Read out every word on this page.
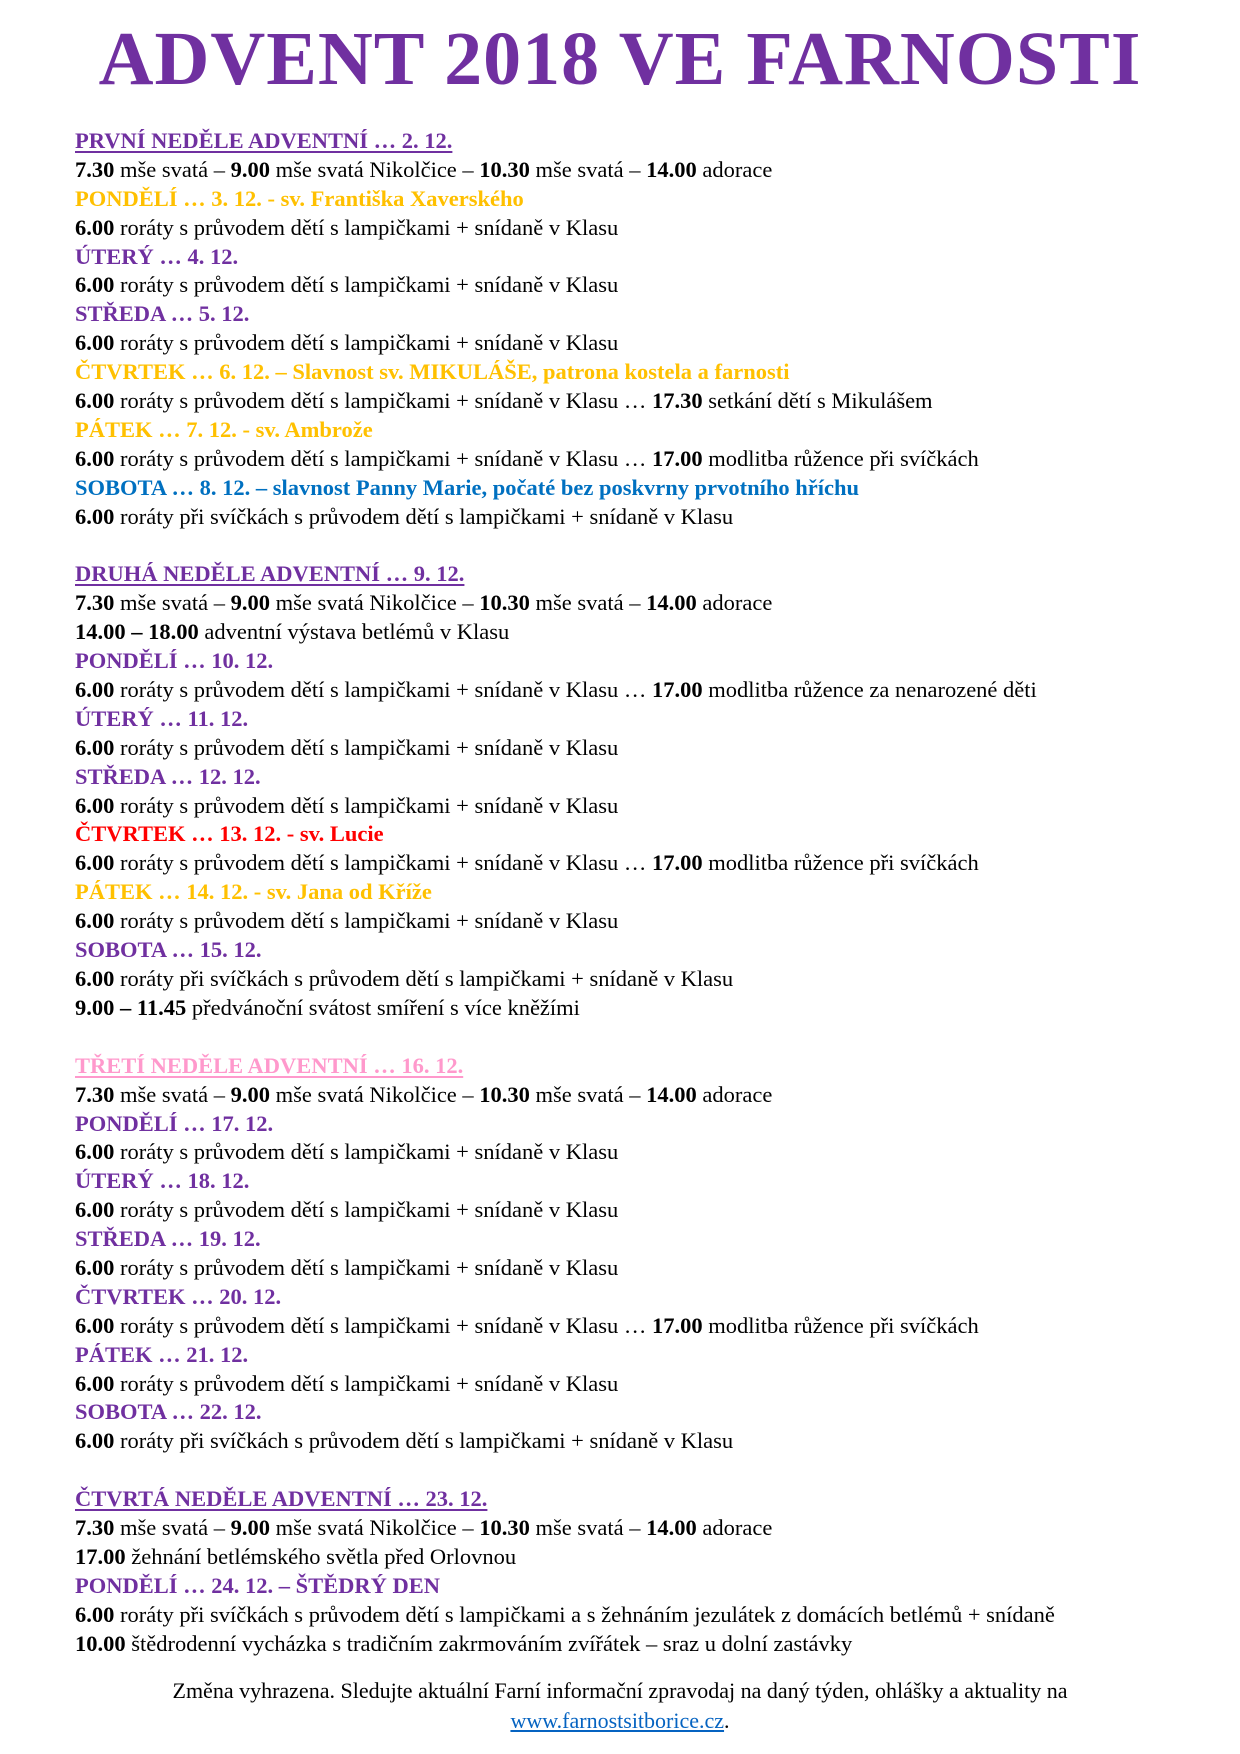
ADVENT 2018 VE FARNOSTI
PRVNÍ NEDĚLE ADVENTNÍ … 2. 12.
7.30 mše svatá – 9.00 mše svatá Nikolčice – 10.30 mše svatá – 14.00 adorace
PONDĚLÍ … 3. 12. - sv. Františka Xaverského
6.00 roráty s průvodem dětí s lampičkami + snídaně v Klasu
ÚTERÝ … 4. 12.
6.00 roráty s průvodem dětí s lampičkami + snídaně v Klasu
STŘEDA … 5. 12.
6.00 roráty s průvodem dětí s lampičkami + snídaně v Klasu
ČTVRTEK … 6. 12. – Slavnost sv. MIKULÁŠE, patrona kostela a farnosti
6.00 roráty s průvodem dětí s lampičkami + snídaně v Klasu … 17.30 setkání dětí s Mikulášem
PÁTEK … 7. 12. - sv. Ambrože
6.00 roráty s průvodem dětí s lampičkami + snídaně v Klasu … 17.00 modlitba růžence při svíčkách
SOBOTA … 8. 12. – slavnost Panny Marie, počaté bez poskvrny prvotního hříchu
6.00 roráty při svíčkách s průvodem dětí s lampičkami + snídaně v Klasu
DRUHÁ NEDĚLE ADVENTNÍ … 9. 12.
7.30 mše svatá – 9.00 mše svatá Nikolčice – 10.30 mše svatá – 14.00 adorace
14.00 – 18.00 adventní výstava betlémů v Klasu
PONDĚLÍ … 10. 12.
6.00 roráty s průvodem dětí s lampičkami + snídaně v Klasu … 17.00 modlitba růžence za nenarozené děti
ÚTERÝ … 11. 12.
6.00 roráty s průvodem dětí s lampičkami + snídaně v Klasu
STŘEDA … 12. 12.
6.00 roráty s průvodem dětí s lampičkami + snídaně v Klasu
ČTVRTEK … 13. 12. - sv. Lucie
6.00 roráty s průvodem dětí s lampičkami + snídaně v Klasu … 17.00 modlitba růžence při svíčkách
PÁTEK … 14. 12. - sv. Jana od Kříže
6.00 roráty s průvodem dětí s lampičkami + snídaně v Klasu
SOBOTA … 15. 12.
6.00 roráty při svíčkách s průvodem dětí s lampičkami + snídaně v Klasu
9.00 – 11.45 předvánoční svátost smíření s více kněžími
TŘETÍ NEDĚLE ADVENTNÍ … 16. 12.
7.30 mše svatá – 9.00 mše svatá Nikolčice – 10.30 mše svatá – 14.00 adorace
PONDĚLÍ … 17. 12.
6.00 roráty s průvodem dětí s lampičkami + snídaně v Klasu
ÚTERÝ … 18. 12.
6.00 roráty s průvodem dětí s lampičkami + snídaně v Klasu
STŘEDA … 19. 12.
6.00 roráty s průvodem dětí s lampičkami + snídaně v Klasu
ČTVRTEK … 20. 12.
6.00 roráty s průvodem dětí s lampičkami + snídaně v Klasu … 17.00 modlitba růžence při svíčkách
PÁTEK … 21. 12.
6.00 roráty s průvodem dětí s lampičkami + snídaně v Klasu
SOBOTA … 22. 12.
6.00 roráty při svíčkách s průvodem dětí s lampičkami + snídaně v Klasu
ČTVRTÁ NEDĚLE ADVENTNÍ … 23. 12.
7.30 mše svatá – 9.00 mše svatá Nikolčice – 10.30 mše svatá – 14.00 adorace
17.00 žehnání betlémského světla před Orlovnou
PONDĚLÍ … 24. 12. – ŠTĚDRÝ DEN
6.00 roráty při svíčkách s průvodem dětí s lampičkami a s žehnáním jezulátek z domácích betlémů + snídaně
10.00 štědrodenní vycházka s tradičním zakrmováním zvířátek – sraz u dolní zastávky
Změna vyhrazena. Sledujte aktuální Farní informační zpravodaj na daný týden, ohlášky a aktuality na
www.farnostsitborice.cz.
